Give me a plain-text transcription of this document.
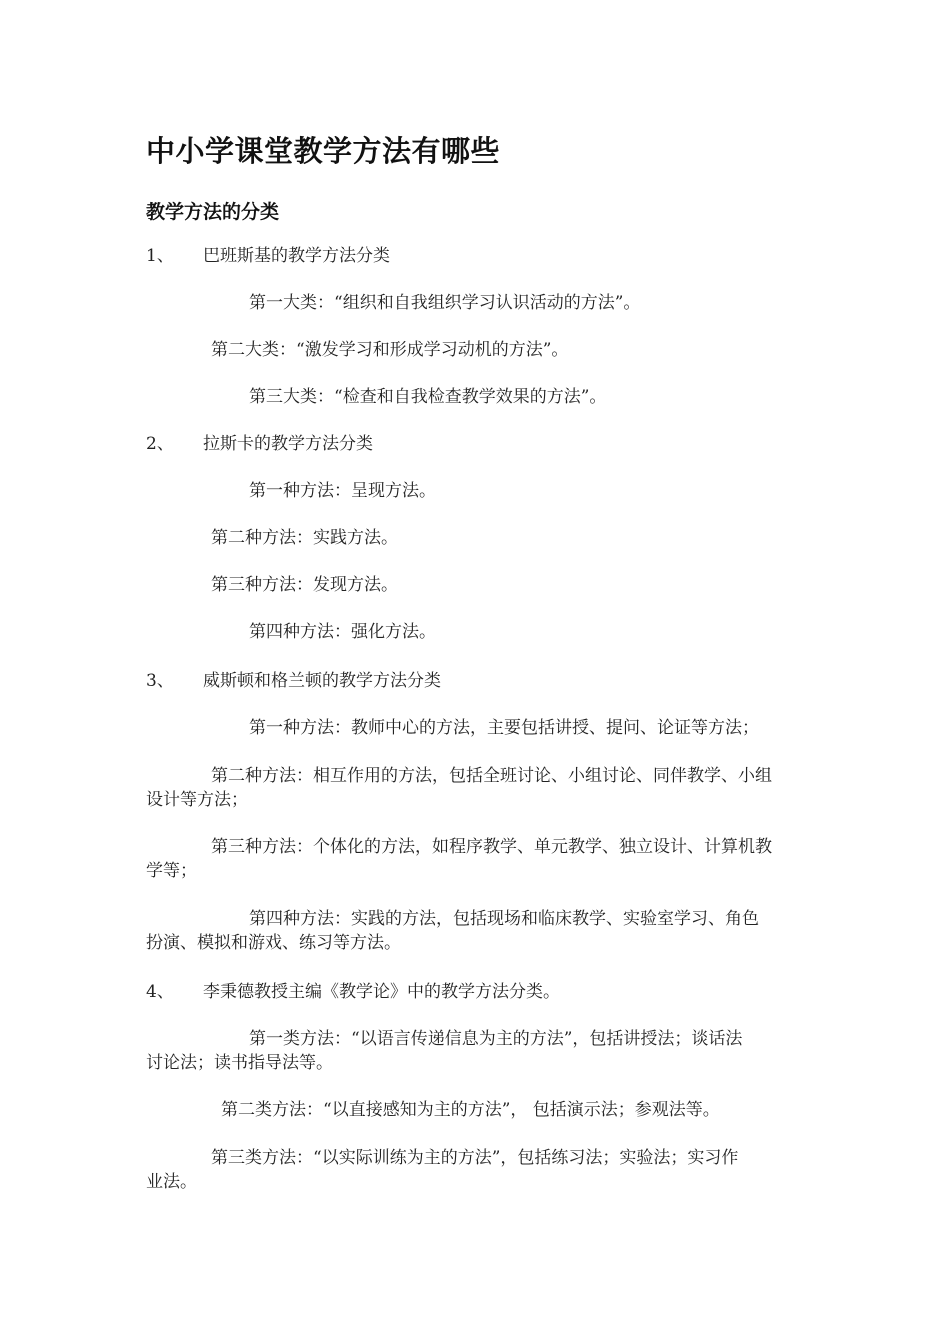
中小学课堂教学方法有哪些
教学方法的分类
1、 巴班斯基的教学方法分类
第一大类：“组织和自我组织学习认识活动的方法”。
第二大类：“激发学习和形成学习动机的方法”。
第三大类：“检查和自我检查教学效果的方法”。
2、 拉斯卡的教学方法分类
第一种方法：呈现方法。
第二种方法：实践方法。
第三种方法：发现方法。
第四种方法：强化方法。
3、 威斯顿和格兰顿的教学方法分类
第一种方法：教师中心的方法，主要包括讲授、提问、论证等方法；
第二种方法：相互作用的方法，包括全班讨论、小组讨论、同伴教学、小组
设计等方法；
第三种方法：个体化的方法，如程序教学、单元教学、独立设计、计算机教
学等；
第四种方法：实践的方法，包括现场和临床教学、实验室学习、角色
扮演、模拟和游戏、练习等方法。
4、 李秉德教授主编《教学论》中的教学方法分类。
第一类方法：“以语言传递信息为主的方法”，包括讲授法；谈话法
讨论法；读书指导法等。
第二类方法：“以直接感知为主的方法”， 包括演示法；参观法等。
第三类方法：“以实际训练为主的方法”，包括练习法；实验法；实习作
业法。
